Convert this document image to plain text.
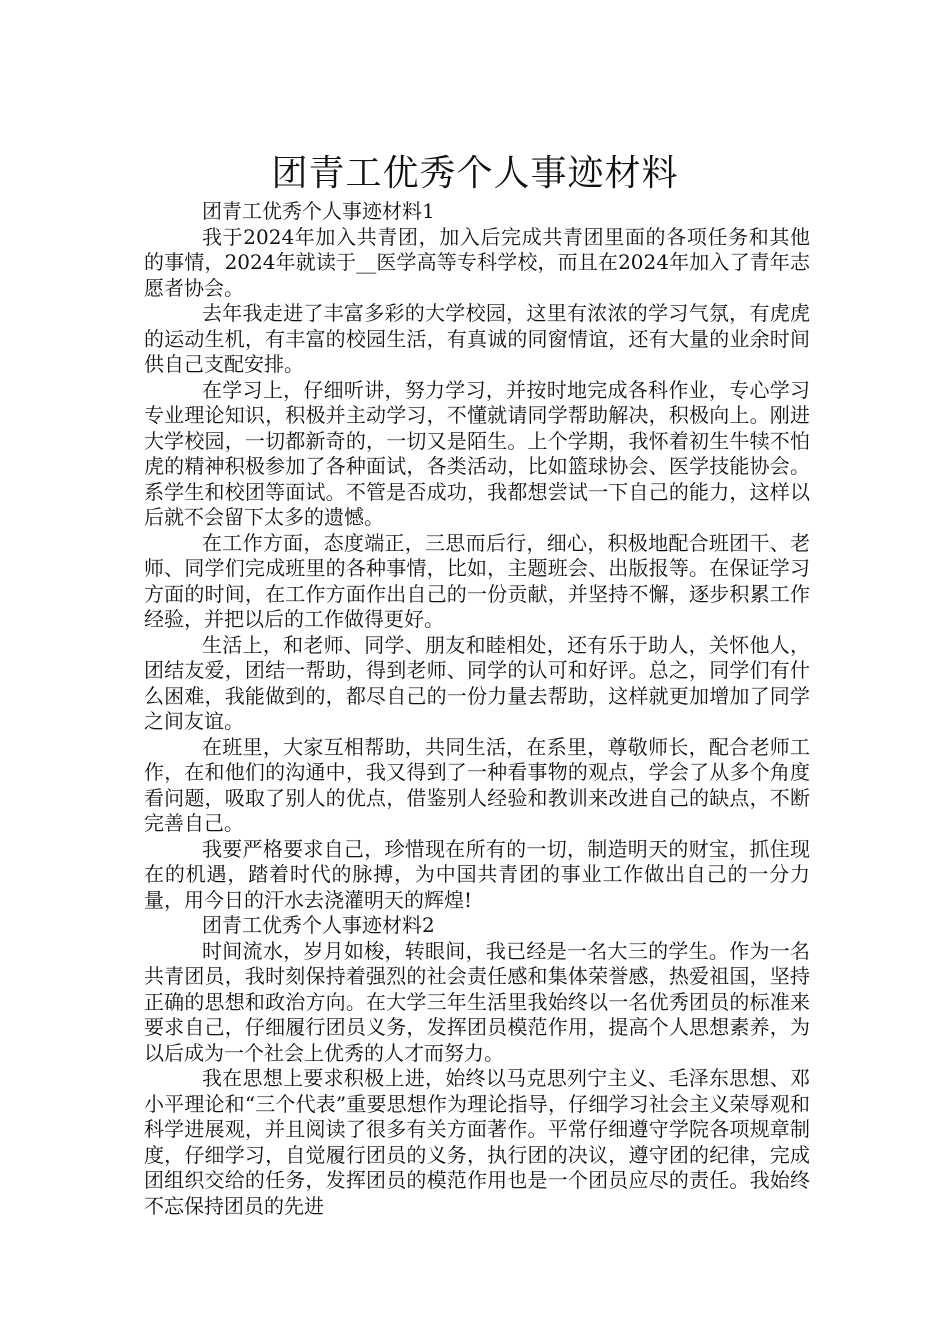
团青工优秀个人事迹材料

团青工优秀个人事迹材料1

我于2024年加入共青团，加入后完成共青团里面的各项任务和其他的事情，2024年就读于__医学高等专科学校，而且在2024年加入了青年志愿者协会。

去年我走进了丰富多彩的大学校园，这里有浓浓的学习气氛，有虎虎的运动生机，有丰富的校园生活，有真诚的同窗情谊，还有大量的业余时间供自己支配安排。

在学习上，仔细听讲，努力学习，并按时地完成各科作业，专心学习专业理论知识，积极并主动学习，不懂就请同学帮助解决，积极向上。刚进大学校园，一切都新奇的，一切又是陌生。上个学期，我怀着初生牛犊不怕虎的精神积极参加了各种面试，各类活动，比如篮球协会、医学技能协会。系学生和校团等面试。不管是否成功，我都想尝试一下自己的能力，这样以后就不会留下太多的遗憾。

在工作方面，态度端正，三思而后行，细心，积极地配合班团干、老师、同学们完成班里的各种事情，比如，主题班会、出版报等。在保证学习方面的时间，在工作方面作出自己的一份贡献，并坚持不懈，逐步积累工作经验，并把以后的工作做得更好。

生活上，和老师、同学、朋友和睦相处，还有乐于助人，关怀他人，团结友爱，团结一帮助，得到老师、同学的认可和好评。总之，同学们有什么困难，我能做到的，都尽自己的一份力量去帮助，这样就更加增加了同学之间友谊。

在班里，大家互相帮助，共同生活，在系里，尊敬师长，配合老师工作，在和他们的沟通中，我又得到了一种看事物的观点，学会了从多个角度看问题，吸取了别人的优点，借鉴别人经验和教训来改进自己的缺点，不断完善自己。

我要严格要求自己，珍惜现在所有的一切，制造明天的财宝，抓住现在的机遇，踏着时代的脉搏，为中国共青团的事业工作做出自己的一分力量，用今日的汗水去浇灌明天的辉煌!

团青工优秀个人事迹材料2

时间流水，岁月如梭，转眼间，我已经是一名大三的学生。作为一名共青团员，我时刻保持着强烈的社会责任感和集体荣誉感，热爱祖国，坚持正确的思想和政治方向。在大学三年生活里我始终以一名优秀团员的标准来要求自己，仔细履行团员义务，发挥团员模范作用，提高个人思想素养，为以后成为一个社会上优秀的人才而努力。

我在思想上要求积极上进，始终以马克思列宁主义、毛泽东思想、邓小平理论和“三个代表”重要思想作为理论指导，仔细学习社会主义荣辱观和科学进展观，并且阅读了很多有关方面著作。平常仔细遵守学院各项规章制度，仔细学习，自觉履行团员的义务，执行团的决议，遵守团的纪律，完成团组织交给的任务，发挥团员的模范作用也是一个团员应尽的责任。我始终不忘保持团员的先进
